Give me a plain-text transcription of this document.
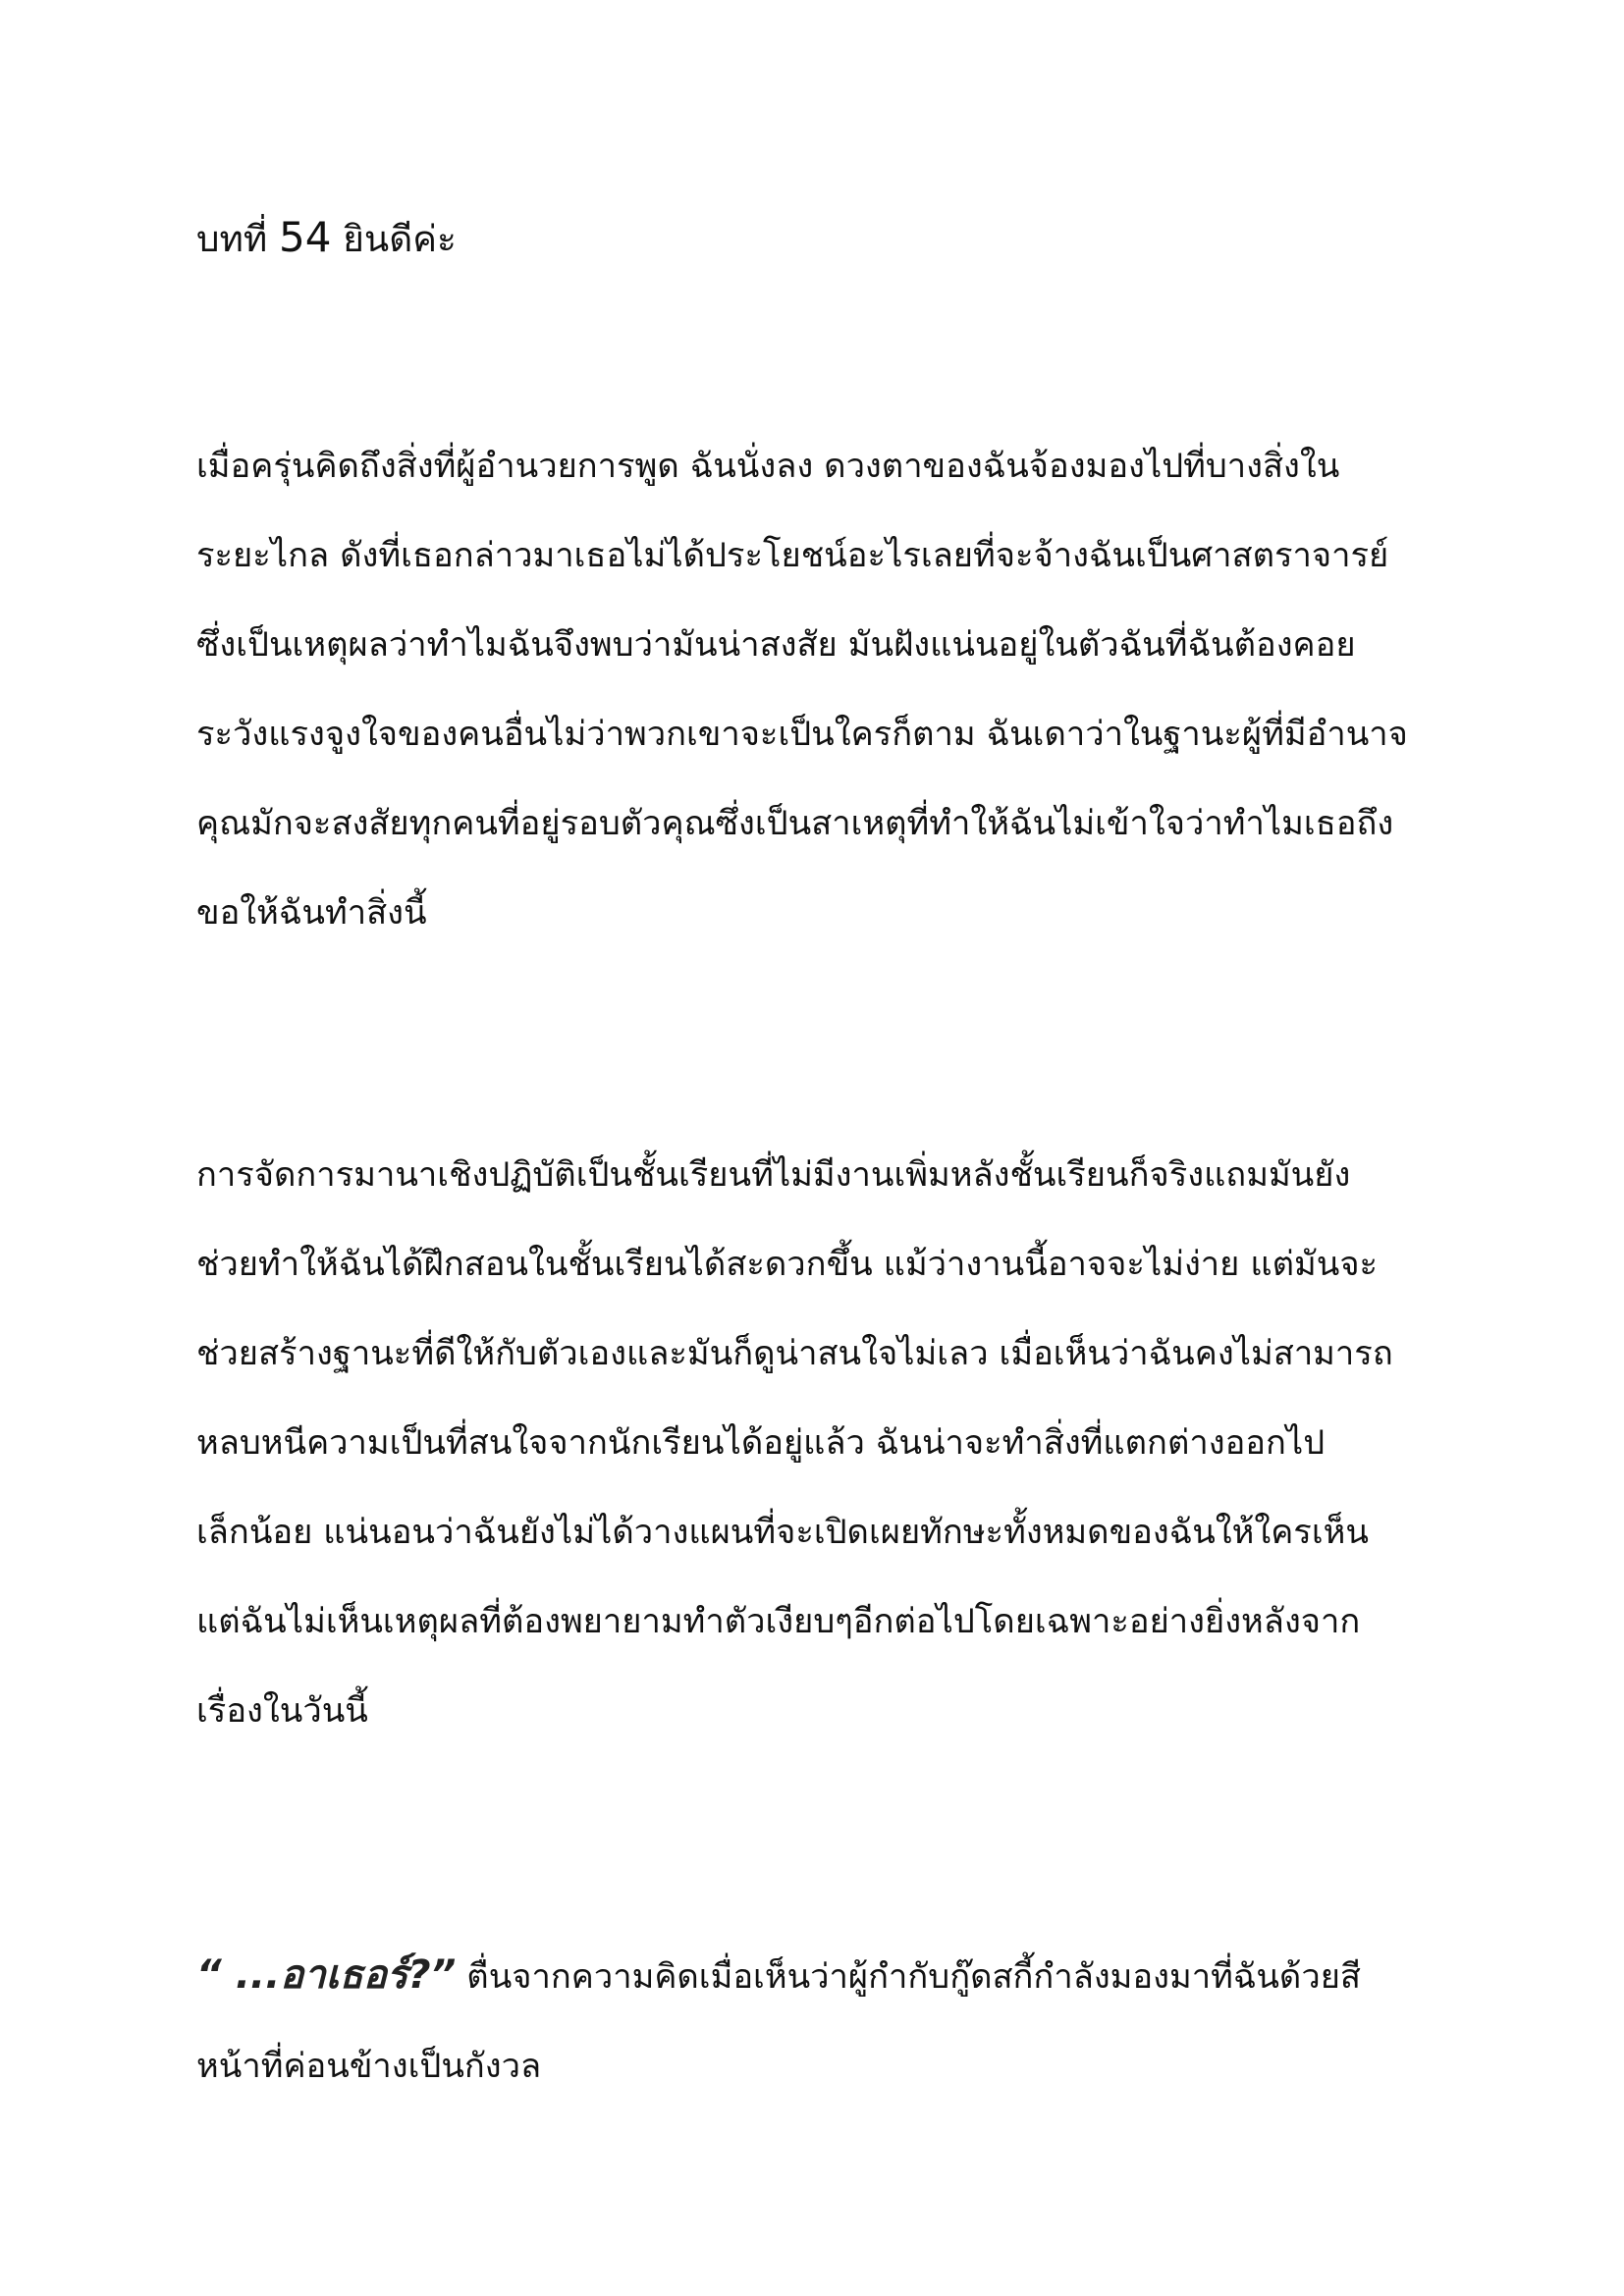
บทที่ 54 ยินดีค่ะ

เมื่อครุ่นคิดถึงสิ่งที่ผู้อำนวยการพูด ฉันนั่งลง ดวงตาของฉันจ้องมองไปที่บางสิ่งใน
ระยะไกล ดังที่เธอกล่าวมาเธอไม่ได้ประโยชน์อะไรเลยที่จะจ้างฉันเป็นศาสตราจารย์
ซึ่งเป็นเหตุผลว่าทำไมฉันจึงพบว่ามันน่าสงสัย มันฝังแน่นอยู่ในตัวฉันที่ฉันต้องคอย
ระวังแรงจูงใจของคนอื่นไม่ว่าพวกเขาจะเป็นใครก็ตาม ฉันเดาว่าในฐานะผู้ที่มีอำนาจ
คุณมักจะสงสัยทุกคนที่อยู่รอบตัวคุณซึ่งเป็นสาเหตุที่ทำให้ฉันไม่เข้าใจว่าทำไมเธอถึง
ขอให้ฉันทำสิ่งนี้

การจัดการมานาเชิงปฏิบัติเป็นชั้นเรียนที่ไม่มีงานเพิ่มหลังชั้นเรียนก็จริงแถมมันยัง
ช่วยทำให้ฉันได้ฝึกสอนในชั้นเรียนได้สะดวกขึ้น แม้ว่างานนี้อาจจะไม่ง่าย แต่มันจะ
ช่วยสร้างฐานะที่ดีให้กับตัวเองและมันก็ดูน่าสนใจไม่เลว เมื่อเห็นว่าฉันคงไม่สามารถ
หลบหนีความเป็นที่สนใจจากนักเรียนได้อยู่แล้ว ฉันน่าจะทำสิ่งที่แตกต่างออกไป
เล็กน้อย แน่นอนว่าฉันยังไม่ได้วางแผนที่จะเปิดเผยทักษะทั้งหมดของฉันให้ใครเห็น
แต่ฉันไม่เห็นเหตุผลที่ต้องพยายามทำตัวเงียบๆอีกต่อไปโดยเฉพาะอย่างยิ่งหลังจาก
เรื่องในวันนี้

“ ...อาเธอร์?” ตื่นจากความคิดเมื่อเห็นว่าผู้กำกับกู๊ดสกี้กำลังมองมาที่ฉันด้วยสี
หน้าที่ค่อนข้างเป็นกังวล
